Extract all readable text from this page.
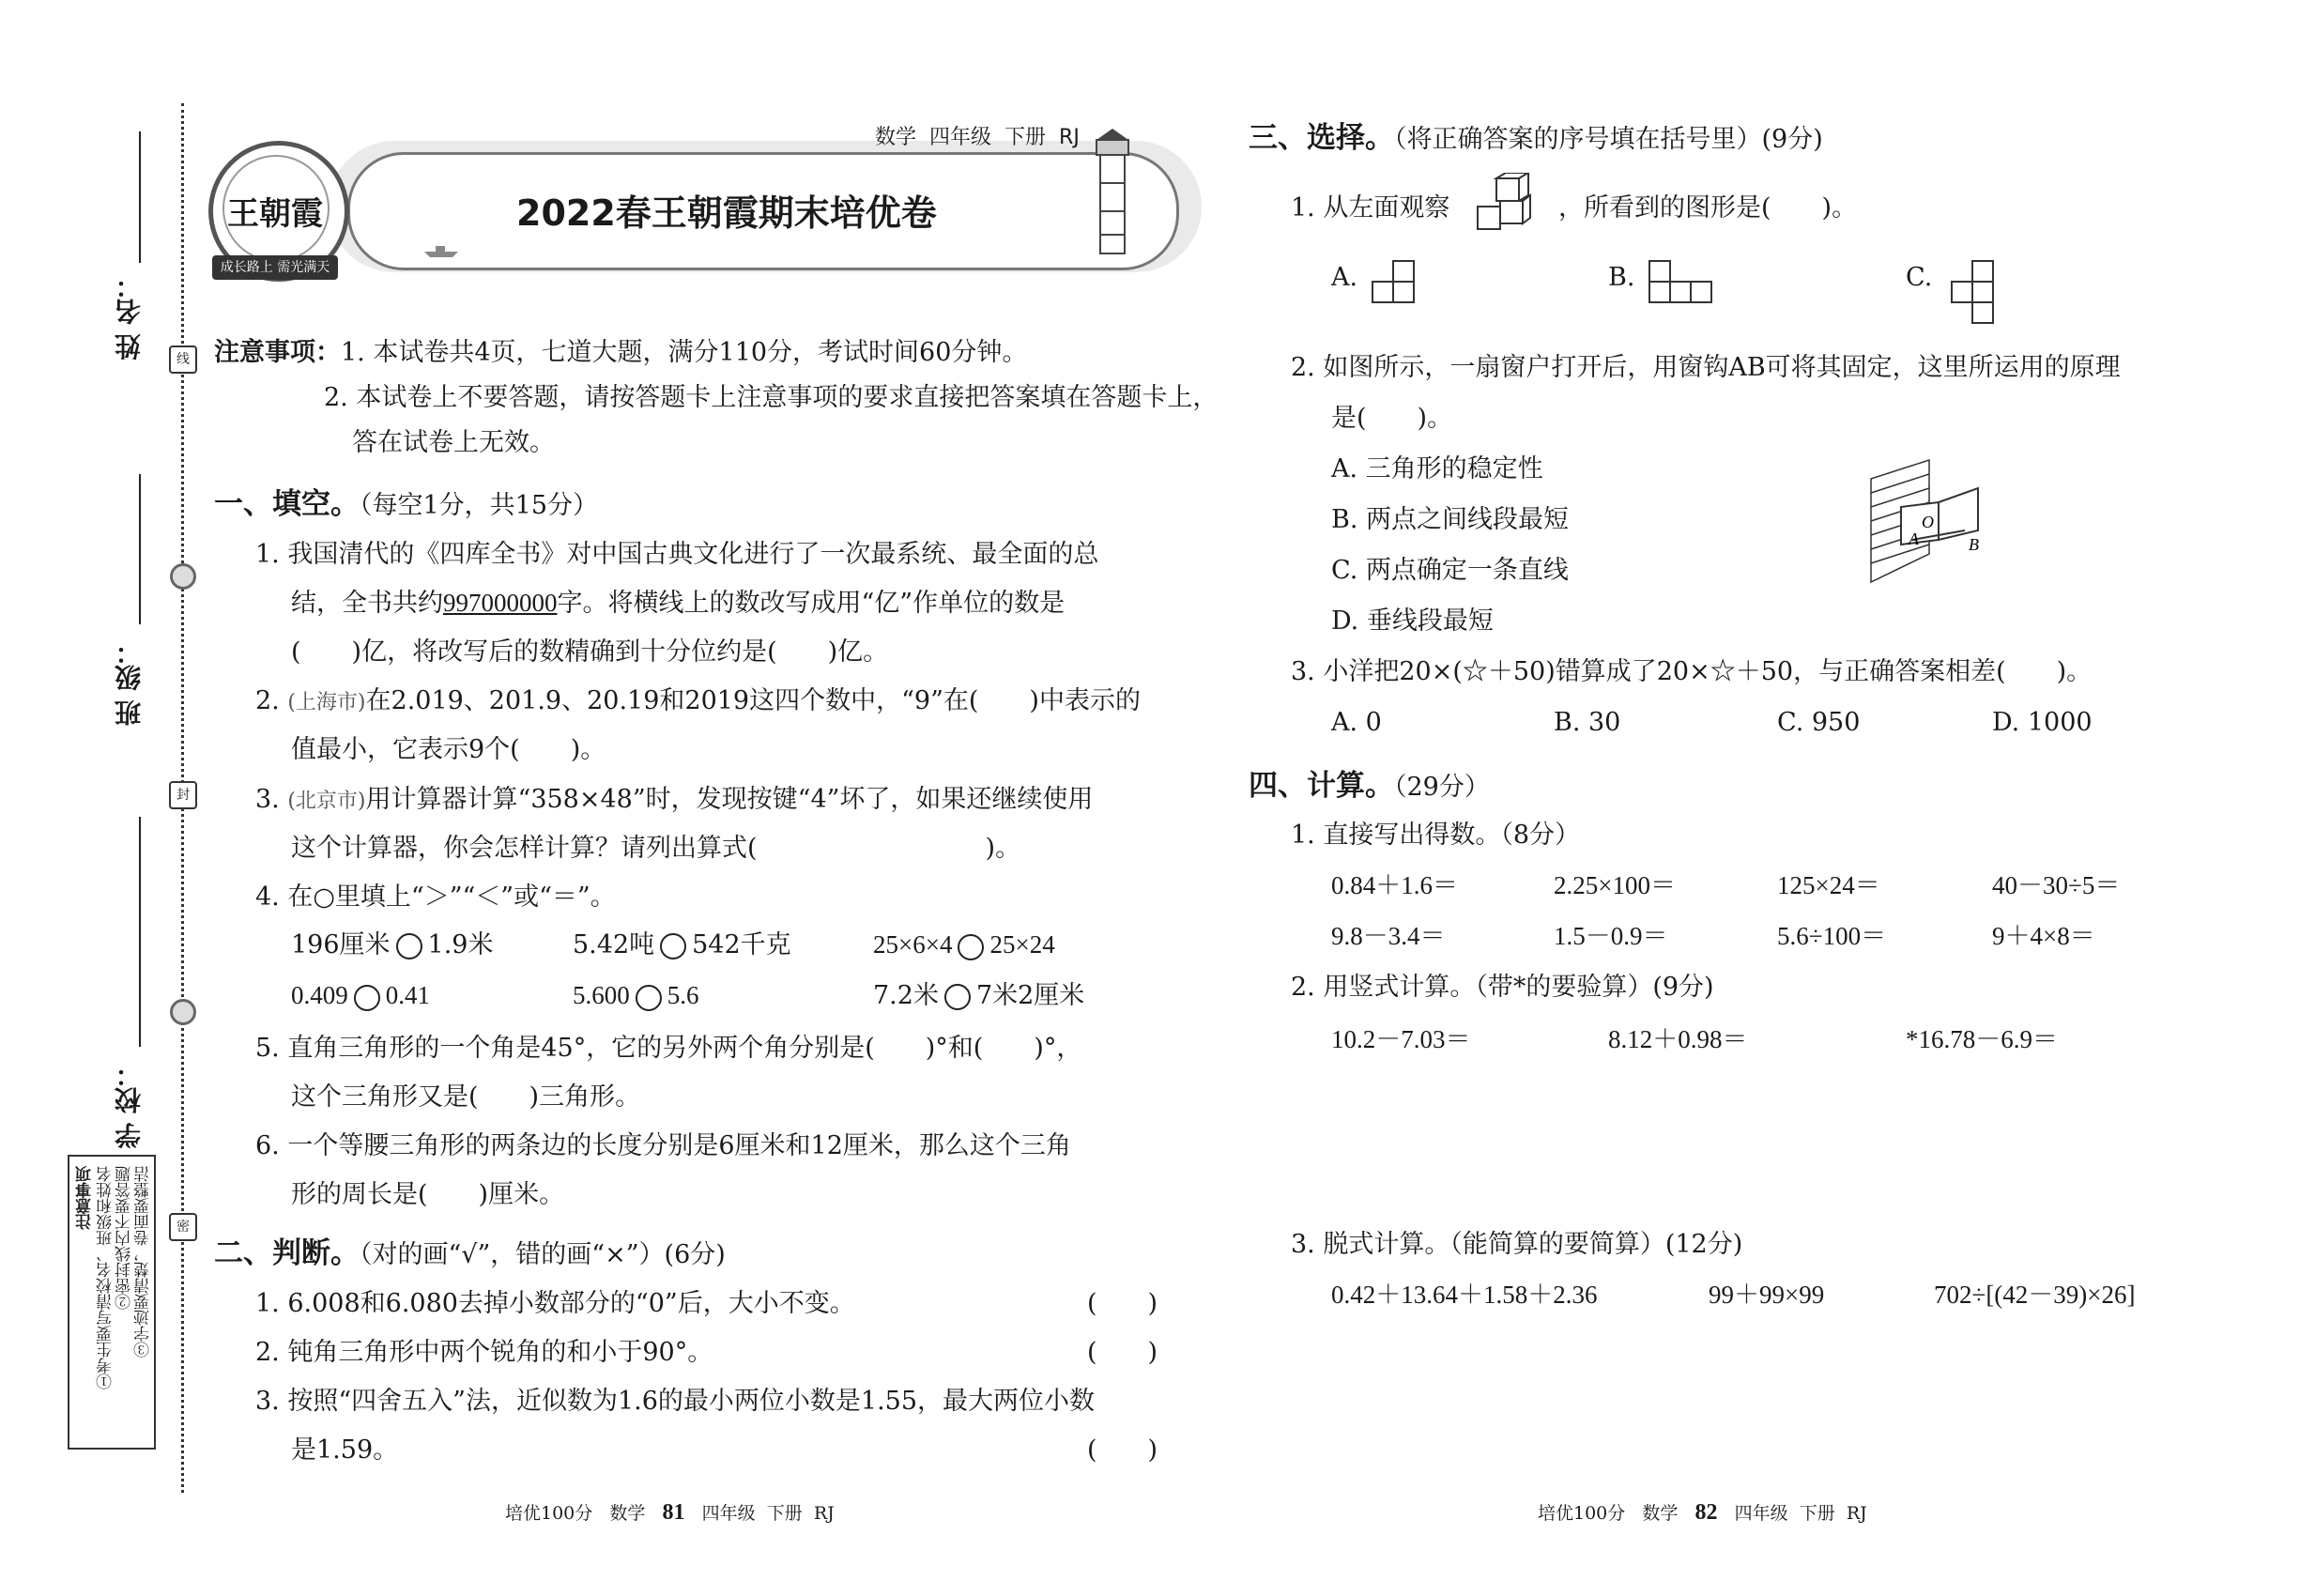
姓 名：
班 级：
学 校：
线
封
密
注意事项 ①考生要写清校名、班级和姓名 ②密封线内不要答题 ③字迹要清楚，卷面要整洁
2022春王朝霞期末培优卷
数学 四年级 下册 RJ
王朝霞
成长路上 需光满天
注意事项：1. 本试卷共4页，七道大题，满分110分，考试时间60分钟。
2. 本试卷上不要答题，请按答题卡上注意事项的要求直接把答案填在答题卡上，
答在试卷上无效。
一、填空。（每空1分，共15分）
1. 我国清代的《四库全书》对中国古典文化进行了一次最系统、最全面的总
结，全书共约997000000字。将横线上的数改写成用“亿”作单位的数是
(　　)亿，将改写后的数精确到十分位约是(　　)亿。
2. (上海市)在2.019、201.9、20.19和2019这四个数中，“9”在(　　)中表示的
值最小，它表示9个(　　)。
3. (北京市)用计算器计算“358×48”时，发现按键“4”坏了，如果还继续使用
这个计算器，你会怎样计算？请列出算式(　　　　　　　　　)。
4. 在○里填上“＞”“＜”或“＝”。
196厘米 1.9米	5.42吨 542千克	25×6×4 25×24
0.409 0.41	5.600 5.6	7.2米 7米2厘米
5. 直角三角形的一个角是45°，它的另外两个角分别是(　　)°和(　　)°，
这个三角形又是(　　)三角形。
6. 一个等腰三角形的两条边的长度分别是6厘米和12厘米，那么这个三角
形的周长是(　　)厘米。
二、判断。（对的画“√”，错的画“×”）(6分)
1. 6.008和6.080去掉小数部分的“0”后，大小不变。	(　　)
2. 钝角三角形中两个锐角的和小于90°。	(　　)
3. 按照“四舍五入”法，近似数为1.6的最小两位小数是1.55，最大两位小数
是1.59。	(　　)
培优100分 数学 81 四年级 下册 RJ
三、选择。（将正确答案的序号填在括号里）(9分)
1. 从左面观察	，所看到的图形是(　　)。
A.	B.	C.
2. 如图所示，一扇窗户打开后，用窗钩AB可将其固定，这里所运用的原理
是(　　)。
A. 三角形的稳定性
B. 两点之间线段最短
C. 两点确定一条直线
D. 垂线段最短
A
O
B
3. 小洋把20×(☆＋50)错算成了20×☆＋50，与正确答案相差(　　)。
A. 0	B. 30	C. 950	D. 1000
四、计算。（29分）
1. 直接写出得数。（8分）
0.84＋1.6＝	2.25×100＝	125×24＝	40－30÷5＝
9.8－3.4＝	1.5－0.9＝	5.6÷100＝	9＋4×8＝
2. 用竖式计算。（带*的要验算）(9分)
10.2－7.03＝	8.12＋0.98＝	*16.78－6.9＝
3. 脱式计算。（能简算的要简算）(12分)
0.42＋13.64＋1.58＋2.36	99＋99×99	702÷[(42－39)×26]
培优100分 数学 82 四年级 下册 RJ
